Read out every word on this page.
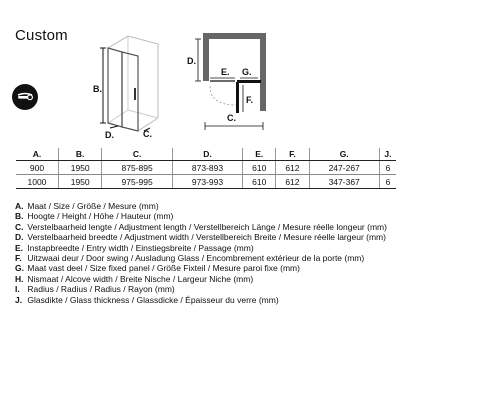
Custom
B.
D.	C.
D.
E. G.
F.
C.
A.	B.	C.	D.	E.	F.	G.	J.
900	1950	875-895	873-893	610	612	247-267	6
1000	1950	975-995	973-993	610	612	347-367	6
A. Maat / Size / Größe / Mesure (mm)
B. Hoogte / Height / Höhe / Hauteur (mm)
C. Verstelbaarheid lengte / Adjustment length / Verstellbereich Länge / Mesure réelle longeur (mm)
D. Verstelbaarheid breedte / Adjustment width / Verstellbereich Breite / Mesure réelle largeur (mm)
E. Instapbreedte / Entry width / Einstiegsbreite / Passage (mm)
F. Uitzwaai deur / Door swing / Ausladung Glass / Encombrement extérieur de la porte (mm)
G. Maat vast deel / Size fixed panel / Größe Fixteil / Mesure paroi fixe (mm)
H. Nismaat / Alcove width / Breite Nische / Largeur Niche (mm)
I. Radius / Radius / Radius / Rayon (mm)
J. Glasdikte / Glass thickness / Glassdicke / Épaisseur du verre (mm)
